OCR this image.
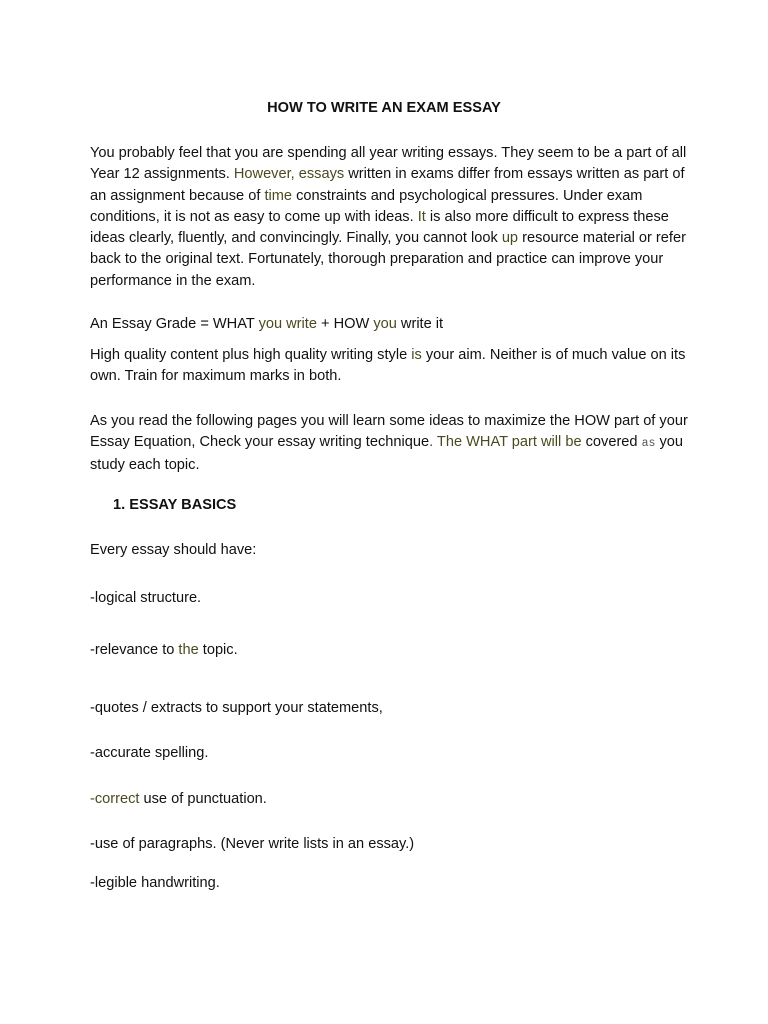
HOW TO WRITE AN EXAM ESSAY

You probably feel that you are spending all year writing essays. They seem to be a part of all Year 12 assignments. However, essays written in exams differ from essays written as part of an assignment because of time constraints and psychological pressures. Under exam conditions, it is not as easy to come up with ideas. It is also more difficult to express these ideas clearly, fluently, and convincingly. Finally, you cannot look up resource material or refer back to the original text. Fortunately, thorough preparation and practice can improve your performance in the exam.

An Essay Grade = WHAT you write + HOW you write it

High quality content plus high quality writing style is your aim. Neither is of much value on its own. Train for maximum marks in both.

As you read the following pages you will learn some ideas to maximize the HOW part of your Essay Equation, Check your essay writing technique. The WHAT part will be covered as you study each topic.

1. ESSAY BASICS

Every essay should have:

-logical structure.

-relevance to the topic.

-quotes / extracts to support your statements,

-accurate spelling.

-correct use of punctuation.

-use of paragraphs. (Never write lists in an essay.)

-legible handwriting.
